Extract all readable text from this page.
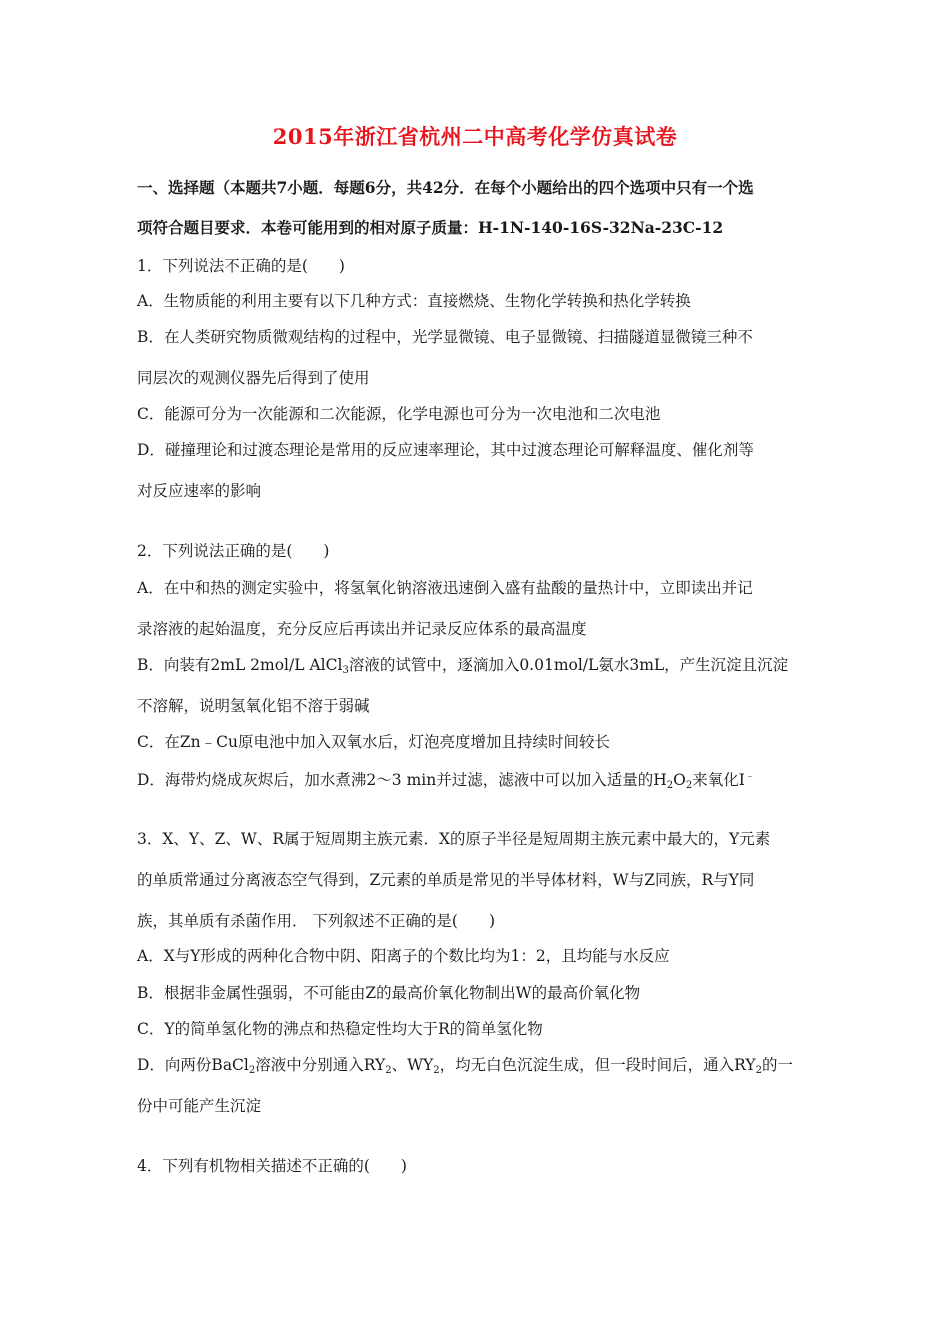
2015年浙江省杭州二中高考化学仿真试卷
一、选择题（本题共7小题．每题6分，共42分．在每个小题给出的四个选项中只有一个选
项符合题目要求．本卷可能用到的相对原子质量：H-1N-140-16S-32Na-23C-12
1．下列说法不正确的是(　　)
A．生物质能的利用主要有以下几种方式：直接燃烧、生物化学转换和热化学转换
B．在人类研究物质微观结构的过程中，光学显微镜、电子显微镜、扫描隧道显微镜三种不
同层次的观测仪器先后得到了使用
C．能源可分为一次能源和二次能源，化学电源也可分为一次电池和二次电池
D．碰撞理论和过渡态理论是常用的反应速率理论，其中过渡态理论可解释温度、催化剂等
对反应速率的影响
2．下列说法正确的是(　　)
A．在中和热的测定实验中，将氢氧化钠溶液迅速倒入盛有盐酸的量热计中，立即读出并记
录溶液的起始温度，充分反应后再读出并记录反应体系的最高温度
B．向装有2mL 2mol/L AlCl$_3$溶液的试管中，逐滴加入0.01mol/L氨水3mL，产生沉淀且沉淀
不溶解，说明氢氧化铝不溶于弱碱
C．在Zn﹣Cu原电池中加入双氧水后，灯泡亮度增加且持续时间较长
D．海带灼烧成灰烬后，加水煮沸2～3 min并过滤，滤液中可以加入适量的$H_2O_2$来氧化I﹣
3．X、Y、Z、W、R属于短周期主族元素．X的原子半径是短周期主族元素中最大的，Y元素
的单质常通过分离液态空气得到，Z元素的单质是常见的半导体材料，W与Z同族，R与Y同
族，其单质有杀菌作用． 下列叙述不正确的是(　　)
A．X与Y形成的两种化合物中阴、阳离子的个数比均为1：2，且均能与水反应
B．根据非金属性强弱，不可能由Z的最高价氧化物制出W的最高价氧化物
C．Y的简单氢化物的沸点和热稳定性均大于R的简单氢化物
D．向两份BaCl$_2$溶液中分别通入$RY_2$、$WY_2$，均无白色沉淀生成，但一段时间后，通入$RY_2$的一
份中可能产生沉淀
4．下列有机物相关描述不正确的(　　)
